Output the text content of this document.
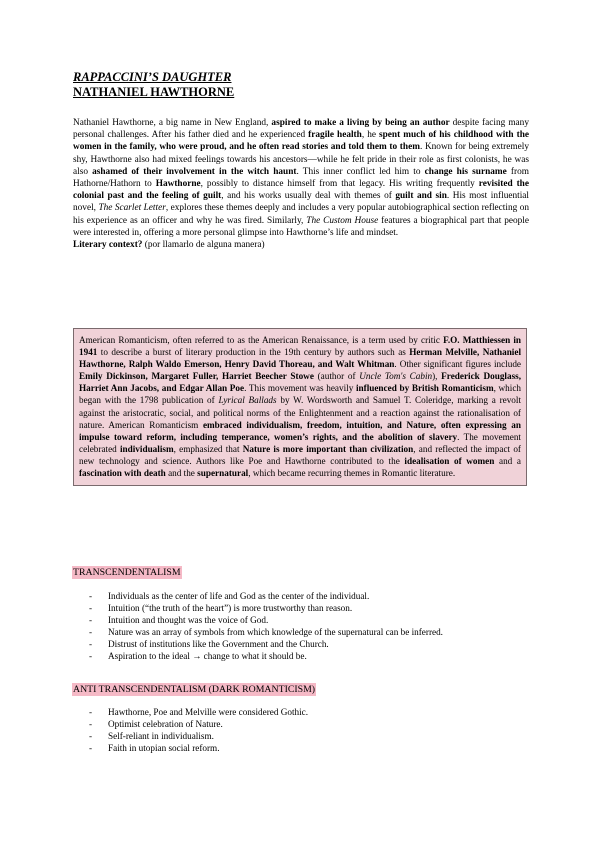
RAPPACCINI’S DAUGHTER
NATHANIEL HAWTHORNE
Nathaniel Hawthorne, a big name in New England, aspired to make a living by being an author despite facing many personal challenges. After his father died and he experienced fragile health, he spent much of his childhood with the women in the family, who were proud, and he often read stories and told them to them. Known for being extremely shy, Hawthorne also had mixed feelings towards his ancestors—while he felt pride in their role as first colonists, he was also ashamed of their involvement in the witch haunt. This inner conflict led him to change his surname from Hathorne/Hathorn to Hawthorne, possibly to distance himself from that legacy. His writing frequently revisited the colonial past and the feeling of guilt, and his works usually deal with themes of guilt and sin. His most influential novel, The Scarlet Letter, explores these themes deeply and includes a very popular autobiographical section reflecting on his experience as an officer and why he was fired. Similarly, The Custom House features a biographical part that people were interested in, offering a more personal glimpse into Hawthorne’s life and mindset.
Literary context? (por llamarlo de alguna manera)
American Romanticism, often referred to as the American Renaissance, is a term used by critic F.O. Matthiessen in 1941 to describe a burst of literary production in the 19th century by authors such as Herman Melville, Nathaniel Hawthorne, Ralph Waldo Emerson, Henry David Thoreau, and Walt Whitman. Other significant figures include Emily Dickinson, Margaret Fuller, Harriet Beecher Stowe (author of Uncle Tom's Cabin), Frederick Douglass, Harriet Ann Jacobs, and Edgar Allan Poe. This movement was heavily influenced by British Romanticism, which began with the 1798 publication of Lyrical Ballads by W. Wordsworth and Samuel T. Coleridge, marking a revolt against the aristocratic, social, and political norms of the Enlightenment and a reaction against the rationalisation of nature. American Romanticism embraced individualism, freedom, intuition, and Nature, often expressing an impulse toward reform, including temperance, women’s rights, and the abolition of slavery. The movement celebrated individualism, emphasized that Nature is more important than civilization, and reflected the impact of new technology and science. Authors like Poe and Hawthorne contributed to the idealisation of women and a fascination with death and the supernatural, which became recurring themes in Romantic literature.
TRANSCENDENTALISM
- Individuals as the center of life and God as the center of the individual.
- Intuition (“the truth of the heart”) is more trustworthy than reason.
- Intuition and thought was the voice of God.
- Nature was an array of symbols from which knowledge of the supernatural can be inferred.
- Distrust of institutions like the Government and the Church.
- Aspiration to the ideal → change to what it should be.
ANTI TRANSCENDENTALISM (DARK ROMANTICISM)
- Hawthorne, Poe and Melville were considered Gothic.
- Optimist celebration of Nature.
- Self-reliant in individualism.
- Faith in utopian social reform.
